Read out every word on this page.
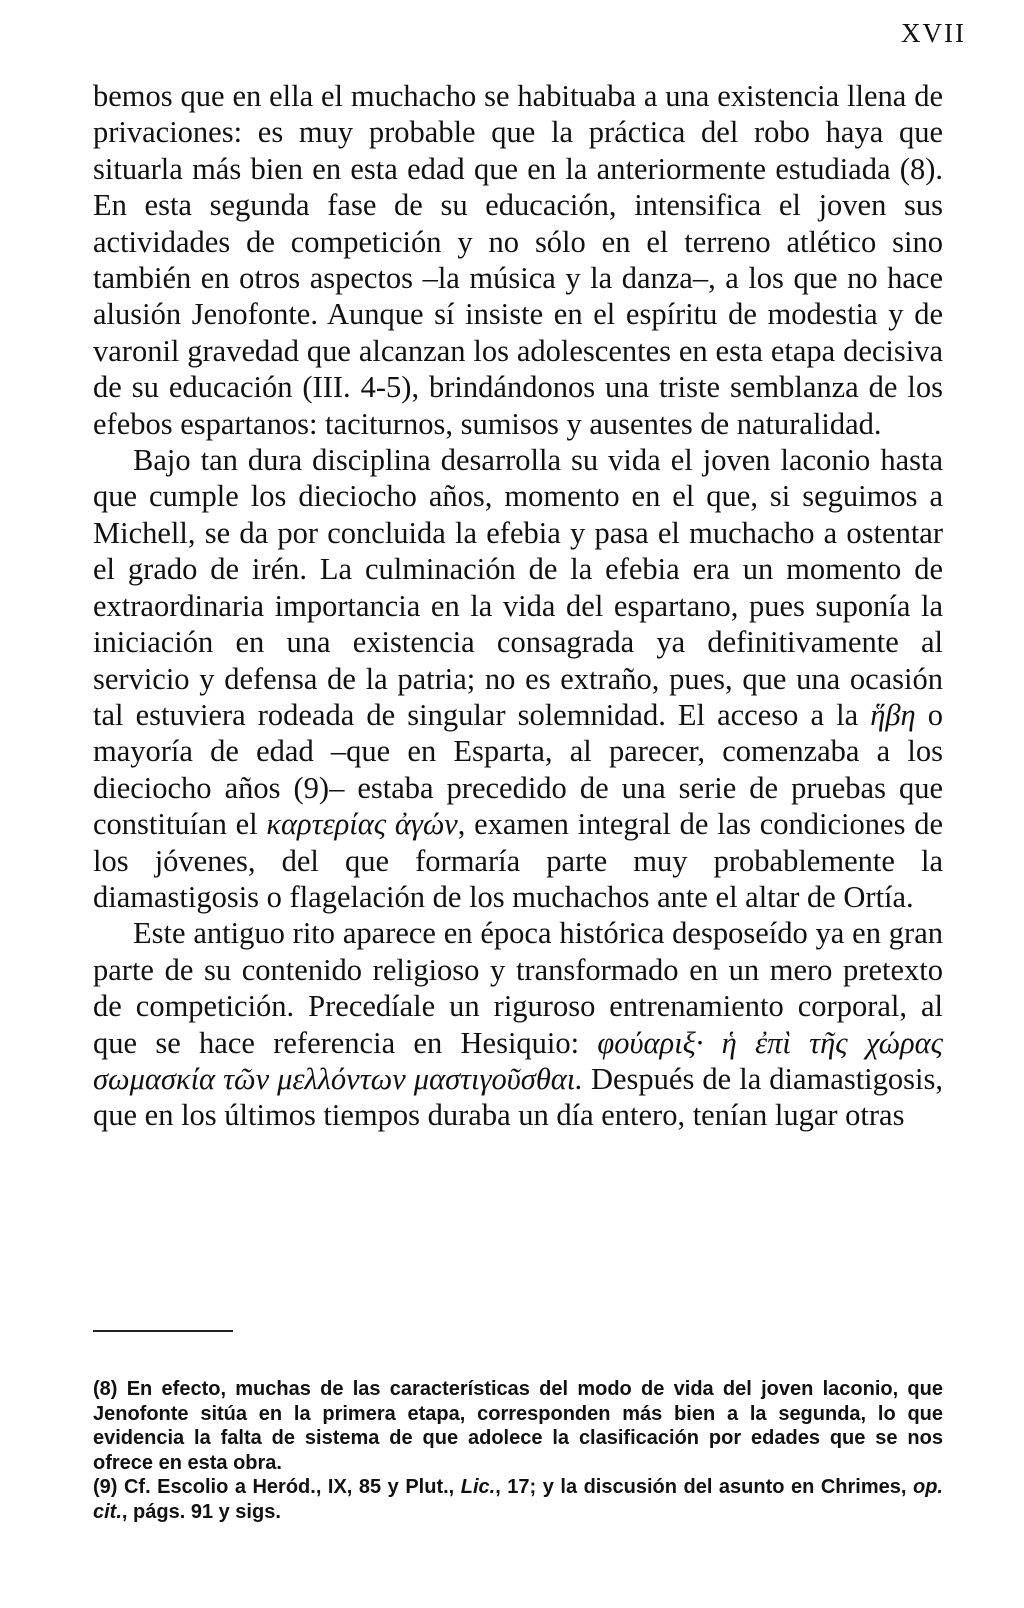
XVII

bemos que en ella el muchacho se habituaba a una existencia llena de privaciones: es muy probable que la práctica del robo haya que situarla más bien en esta edad que en la anteriormente estudiada (8). En esta segunda fase de su educación, intensifica el joven sus actividades de competición y no sólo en el terreno atlético sino también en otros aspectos –la música y la danza–, a los que no hace alusión Jenofonte. Aunque sí insiste en el espíritu de modestia y de varonil gravedad que alcanzan los adolescentes en esta etapa decisiva de su educación (III. 4-5), brindándonos una triste semblanza de los efebos espartanos: taciturnos, sumisos y ausentes de naturalidad.

Bajo tan dura disciplina desarrolla su vida el joven laconio hasta que cumple los dieciocho años, momento en el que, si seguimos a Michell, se da por concluida la efebia y pasa el muchacho a ostentar el grado de irén. La culminación de la efebia era un momento de extraordinaria importancia en la vida del espartano, pues suponía la iniciación en una existencia consagrada ya definitivamente al servicio y defensa de la patria; no es extraño, pues, que una ocasión tal estuviera rodeada de singular solemnidad. El acceso a la ἥβη o mayoría de edad –que en Esparta, al parecer, comenzaba a los dieciocho años (9)– estaba precedido de una serie de pruebas que constituían el καρτερίας ἀγών, examen integral de las condiciones de los jóvenes, del que formaría parte muy probablemente la diamastigosis o flagelación de los muchachos ante el altar de Ortía.

Este antiguo rito aparece en época histórica desposeído ya en gran parte de su contenido religioso y transformado en un mero pretexto de competición. Precedíale un riguroso entrenamiento corporal, al que se hace referencia en Hesiquio: φούαριξ· ἡ ἐπὶ τῆς χώρας σωμασκία τῶν μελλόντων μαστιγοῦσθαι. Después de la diamastigosis, que en los últimos tiempos duraba un día entero, tenían lugar otras

(8) En efecto, muchas de las características del modo de vida del joven laconio, que Jenofonte sitúa en la primera etapa, corresponden más bien a la segunda, lo que evidencia la falta de sistema de que adolece la clasificación por edades que se nos ofrece en esta obra.

(9) Cf. Escolio a Heród., IX, 85 y Plut., Lic., 17; y la discusión del asunto en Chrimes, op. cit., págs. 91 y sigs.
